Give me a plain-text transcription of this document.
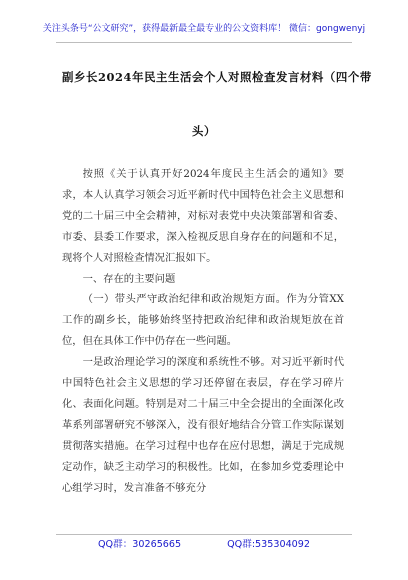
关注头条号“公文研究”，获得最新最全最专业的公文资料库！ 微信：gongwenyj
副乡长2024年民主生活会个人对照检查发言材料（四个带
头）

按照《关于认真开好2024年度民主生活会的通知》要求，本人认真学习领会习近平新时代中国特色社会主义思想和党的二十届三中全会精神，对标对表党中央决策部署和省委、市委、县委工作要求，深入检视反思自身存在的问题和不足，现将个人对照检查情况汇报如下。

一、存在的主要问题

（一）带头严守政治纪律和政治规矩方面。作为分管XX工作的副乡长，能够始终坚持把政治纪律和政治规矩放在首位，但在具体工作中仍存在一些问题。

一是政治理论学习的深度和系统性不够。对习近平新时代中国特色社会主义思想的学习还停留在表层，存在学习碎片化、表面化问题。特别是对二十届三中全会提出的全面深化改革系列部署研究不够深入，没有很好地结合分管工作实际谋划贯彻落实措施。在学习过程中也存在应付思想，满足于完成规定动作，缺乏主动学习的积极性。比如，在参加乡党委理论中心组学习时，发言准备不够充分

QQ群：30265665	QQ群:535304092
